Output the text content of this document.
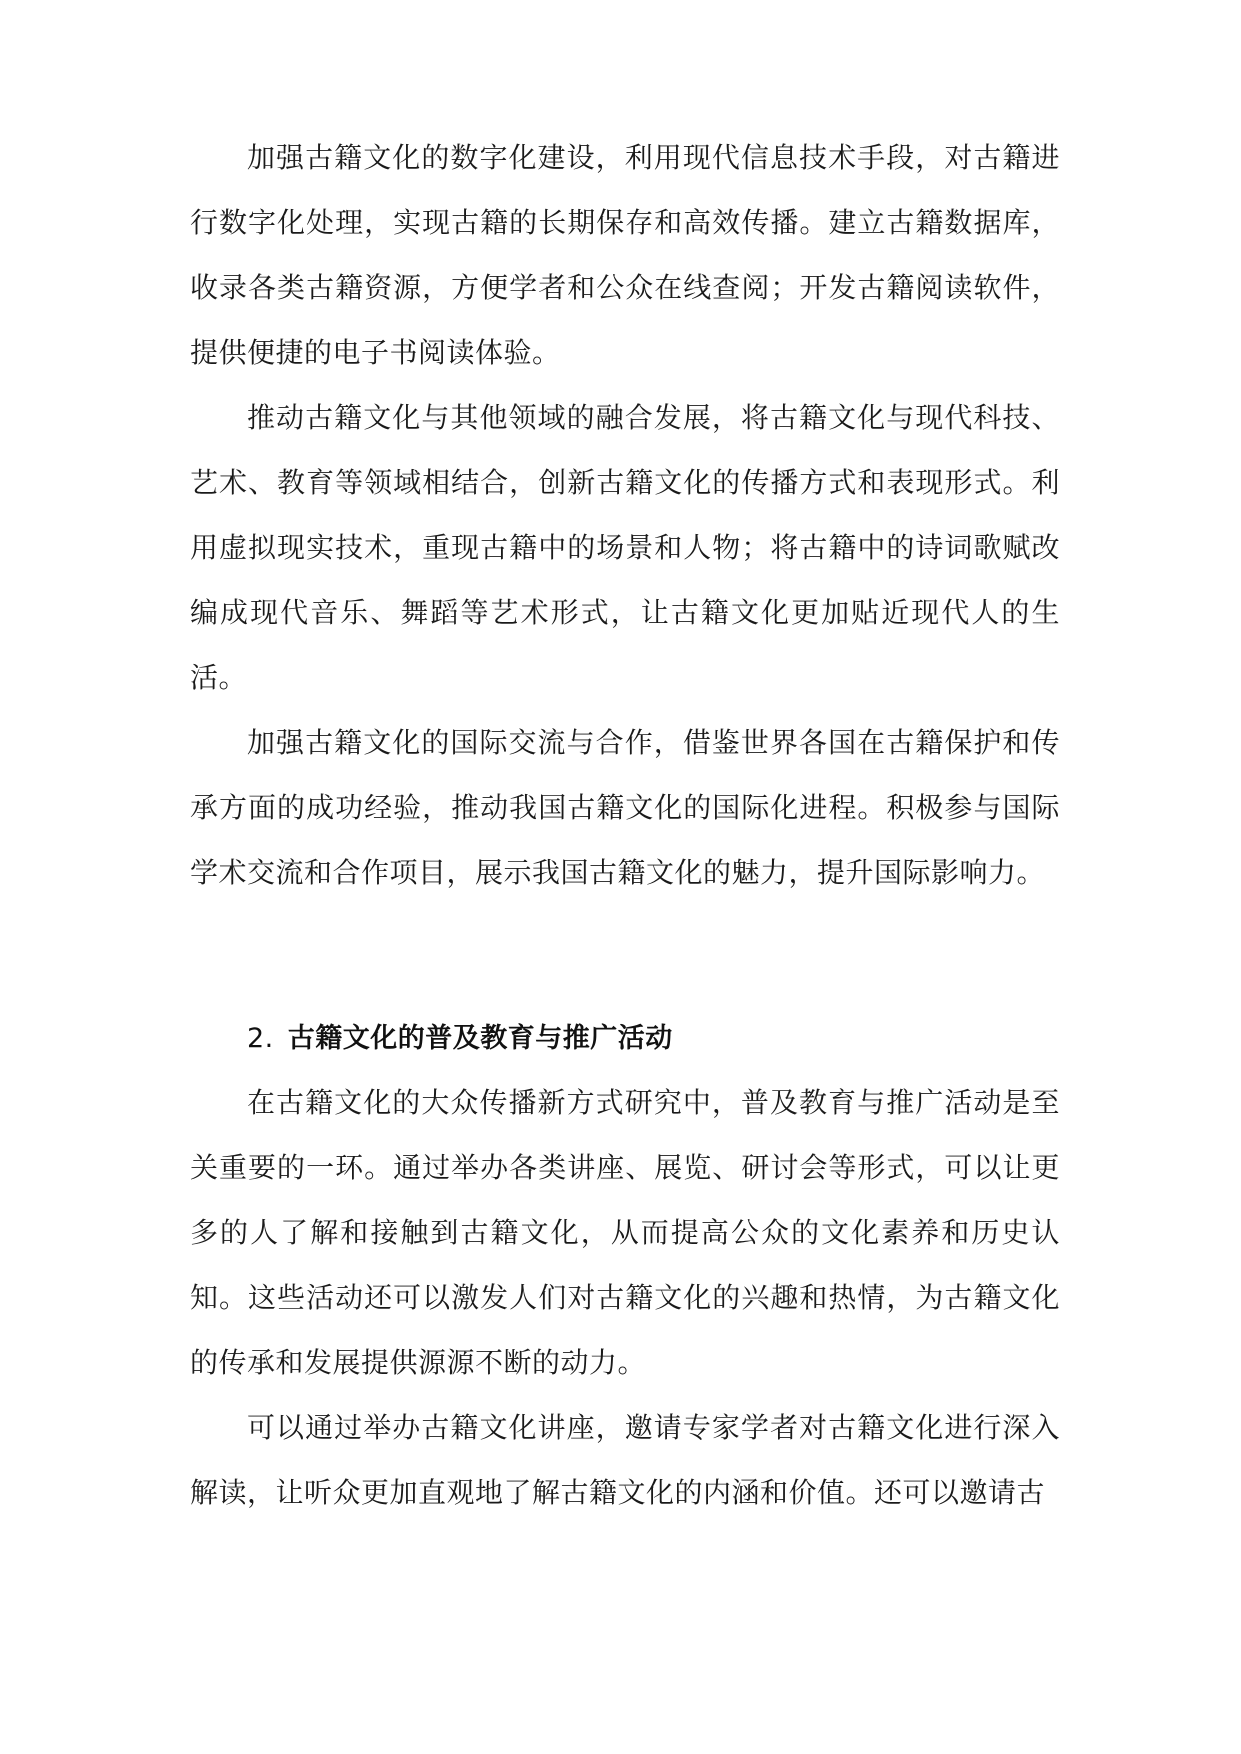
加强古籍文化的数字化建设，利用现代信息技术手段，对古籍进行数字化处理，实现古籍的长期保存和高效传播。建立古籍数据库，收录各类古籍资源，方便学者和公众在线查阅；开发古籍阅读软件，提供便捷的电子书阅读体验。

推动古籍文化与其他领域的融合发展，将古籍文化与现代科技、艺术、教育等领域相结合，创新古籍文化的传播方式和表现形式。利用虚拟现实技术，重现古籍中的场景和人物；将古籍中的诗词歌赋改编成现代音乐、舞蹈等艺术形式，让古籍文化更加贴近现代人的生活。

加强古籍文化的国际交流与合作，借鉴世界各国在古籍保护和传承方面的成功经验，推动我国古籍文化的国际化进程。积极参与国际学术交流和合作项目，展示我国古籍文化的魅力，提升国际影响力。

2. 古籍文化的普及教育与推广活动

在古籍文化的大众传播新方式研究中，普及教育与推广活动是至关重要的一环。通过举办各类讲座、展览、研讨会等形式，可以让更多的人了解和接触到古籍文化，从而提高公众的文化素养和历史认知。这些活动还可以激发人们对古籍文化的兴趣和热情，为古籍文化的传承和发展提供源源不断的动力。

可以通过举办古籍文化讲座，邀请专家学者对古籍文化进行深入解读，让听众更加直观地了解古籍文化的内涵和价值。还可以邀请古
